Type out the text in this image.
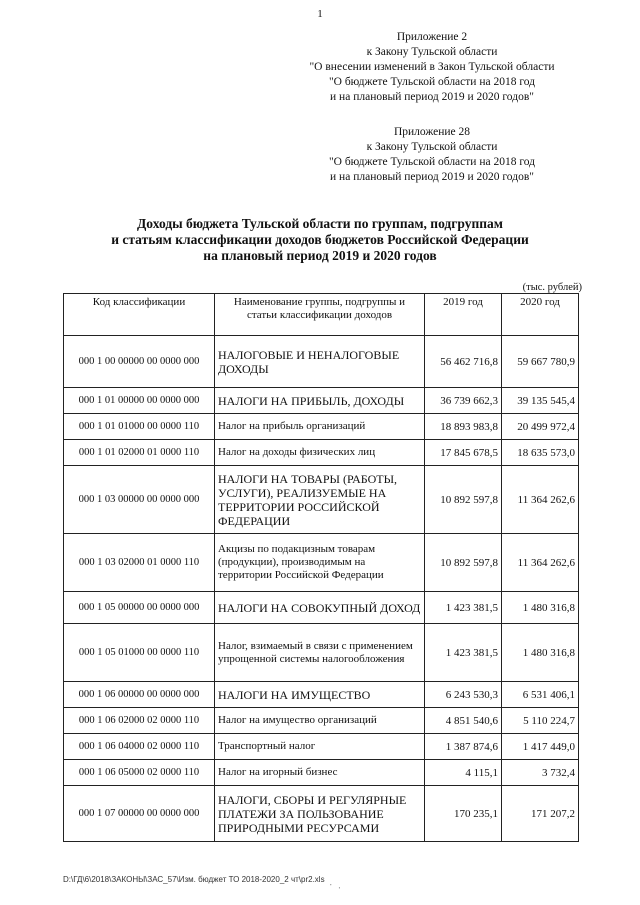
1
Приложение 2
к Закону Тульской области
"О внесении изменений в Закон Тульской области
"О бюджете Тульской области на 2018 год
и на плановый период 2019 и 2020 годов"
Приложение 28
к Закону Тульской области
"О бюджете Тульской области на 2018 год
и на плановый период 2019 и 2020 годов"
Доходы бюджета Тульской области по группам, подгруппам
и статьям классификации доходов бюджетов Российской Федерации
на плановый период 2019 и 2020 годов
(тыс. рублей)
Код классификации	Наименование группы, подгруппы и статьи классификации доходов	2019 год	2020 год
000 1 00 00000 00 0000 000	НАЛОГОВЫЕ И НЕНАЛОГОВЫЕ ДОХОДЫ	56 462 716,8	59 667 780,9
000 1 01 00000 00 0000 000	НАЛОГИ НА ПРИБЫЛЬ, ДОХОДЫ	36 739 662,3	39 135 545,4
000 1 01 01000 00 0000 110	Налог на прибыль организаций	18 893 983,8	20 499 972,4
000 1 01 02000 01 0000 110	Налог на доходы физических лиц	17 845 678,5	18 635 573,0
000 1 03 00000 00 0000 000	НАЛОГИ НА ТОВАРЫ (РАБОТЫ, УСЛУГИ), РЕАЛИЗУЕМЫЕ НА ТЕРРИТОРИИ РОССИЙСКОЙ ФЕДЕРАЦИИ	10 892 597,8	11 364 262,6
000 1 03 02000 01 0000 110	Акцизы по подакцизным товарам (продукции), производимым на территории Российской Федерации	10 892 597,8	11 364 262,6
000 1 05 00000 00 0000 000	НАЛОГИ НА СОВОКУПНЫЙ ДОХОД	1 423 381,5	1 480 316,8
000 1 05 01000 00 0000 110	Налог, взимаемый в связи с применением упрощенной системы налогообложения	1 423 381,5	1 480 316,8
000 1 06 00000 00 0000 000	НАЛОГИ НА ИМУЩЕСТВО	6 243 530,3	6 531 406,1
000 1 06 02000 02 0000 110	Налог на имущество организаций	4 851 540,6	5 110 224,7
000 1 06 04000 02 0000 110	Транспортный налог	1 387 874,6	1 417 449,0
000 1 06 05000 02 0000 110	Налог на игорный бизнес	4 115,1	3 732,4
000 1 07 00000 00 0000 000	НАЛОГИ, СБОРЫ И РЕГУЛЯРНЫЕ ПЛАТЕЖИ ЗА ПОЛЬЗОВАНИЕ ПРИРОДНЫМИ РЕСУРСАМИ	170 235,1	171 207,2
D:\ГД\6\2018\ЗАКОНЫ\ЗАС_57\Изм. бюджет ТО 2018-2020_2 чт\pr2.xls
· · ·
